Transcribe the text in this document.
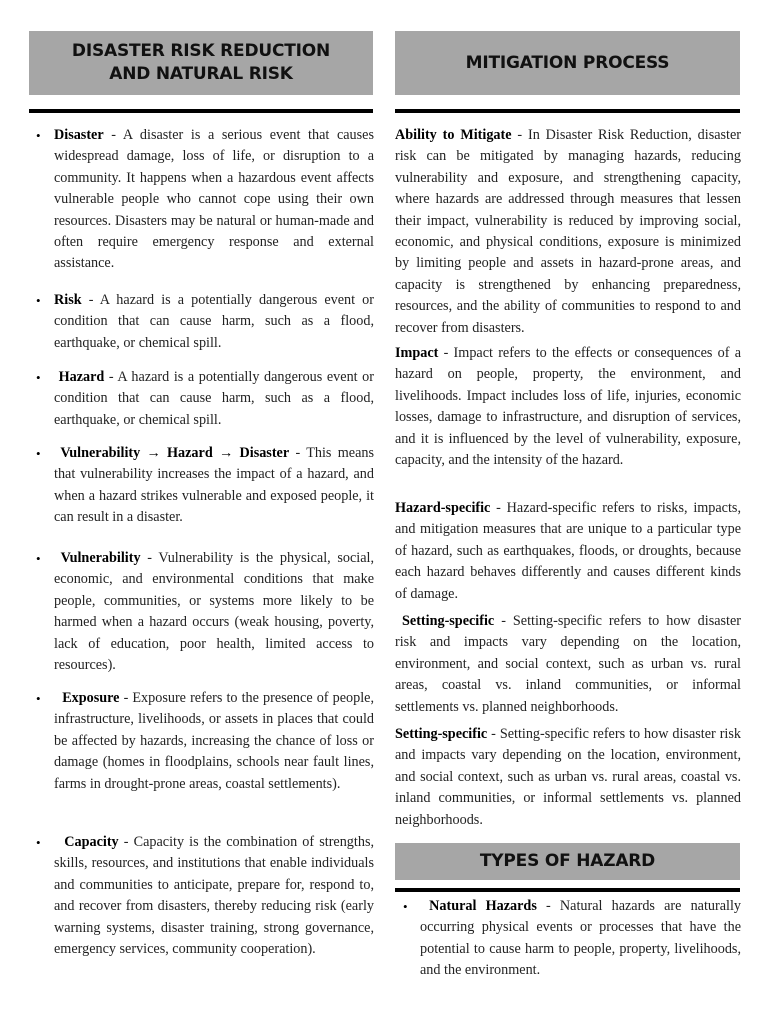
DISASTER RISK REDUCTION AND NATURAL RISK
• Disaster - A disaster is a serious event that causes widespread damage, loss of life, or disruption to a community. It happens when a hazardous event affects vulnerable people who cannot cope using their own resources. Disasters may be natural or human-made and often require emergency response and external assistance.

• Risk - A hazard is a potentially dangerous event or condition that can cause harm, such as a flood, earthquake, or chemical spill.

•	Hazard - A hazard is a potentially dangerous event or condition that can cause harm, such as a flood, earthquake, or chemical spill.

•	Vulnerability → Hazard → Disaster - This means that vulnerability increases the impact of a hazard, and when a hazard strikes vulnerable and exposed people, it can result in a disaster.

•	Vulnerability - Vulnerability is the physical, social, economic, and environmental conditions that make people, communities, or systems more likely to be harmed when a hazard occurs (weak housing, poverty, lack of education, poor health, limited access to resources).

•	Exposure - Exposure refers to the presence of people, infrastructure, livelihoods, or assets in places that could be affected by hazards, increasing the chance of loss or damage (homes in floodplains, schools near fault lines, farms in drought-prone areas, coastal settlements).

•	Capacity - Capacity is the combination of strengths, skills, resources, and institutions that enable individuals and communities to anticipate, prepare for, respond to, and recover from disasters, thereby reducing risk (early warning systems, disaster training, strong governance, emergency services, community cooperation).

MITIGATION PROCESS

Ability to Mitigate - In Disaster Risk Reduction, disaster risk can be mitigated by managing hazards, reducing vulnerability and exposure, and strengthening capacity, where hazards are addressed through measures that lessen their impact, vulnerability is reduced by improving social, economic, and physical conditions, exposure is minimized by limiting people and assets in hazard-prone areas, and capacity is strengthened by enhancing preparedness, resources, and the ability of communities to respond to and recover from disasters.

Impact - Impact refers to the effects or consequences of a hazard on people, property, the environment, and livelihoods. Impact includes loss of life, injuries, economic losses, damage to infrastructure, and disruption of services, and it is influenced by the level of vulnerability, exposure, capacity, and the intensity of the hazard.

Hazard-specific - Hazard-specific refers to risks, impacts, and mitigation measures that are unique to a particular type of hazard, such as earthquakes, floods, or droughts, because each hazard behaves differently and causes different kinds of damage.

Setting-specific - Setting-specific refers to how disaster risk and impacts vary depending on the location, environment, and social context, such as urban vs. rural areas, coastal vs. inland communities, or informal settlements vs. planned neighborhoods.

Setting-specific - Setting-specific refers to how disaster risk and impacts vary depending on the location, environment, and social context, such as urban vs. rural areas, coastal vs. inland communities, or informal settlements vs. planned neighborhoods.

TYPES OF HAZARD
•	Natural Hazards - Natural hazards are naturally occurring physical events or processes that have the potential to cause harm to people, property, livelihoods, and the environment.
